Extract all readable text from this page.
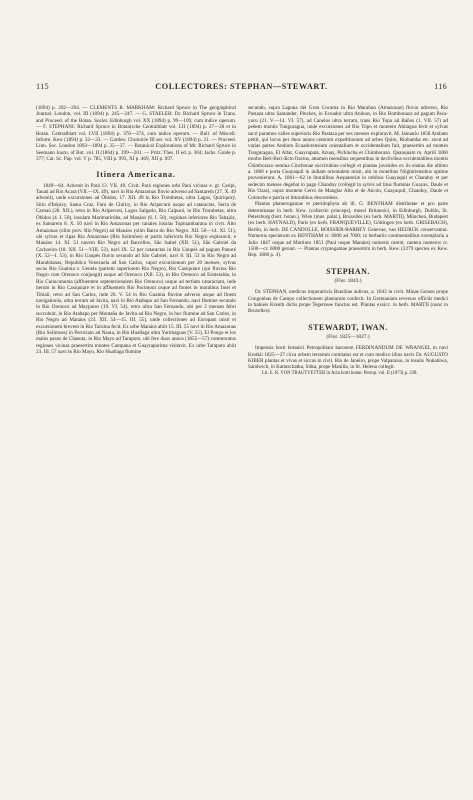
115	COLLECTORES: STEPHAN—STEWART.	116

(1894) p. 202—204. — CLEMENTS R. MARKHAM: Richard Spruce in The geographical Journal. London, vol. III (1894) p. 245—247. — G. STAELER: Dr. Richard Spruce in Trans. and Proceed. of the Botan. Societ. Edinburgh vol. XX (1894) p. 99—109, cum indice operum. — F. STEPHANI: Richard Spruce in Botanische Centralblatt vol. LII (1894) p. 27—28 et in Botan. Centralblatt vol. LVII (1894) p. 370—374, cum indice operum. — Bull. of Miscell. Inform. Kew (1894) p. 32—33. — Garden. Chronicle III ser. vol. XV (1894) p. 21. — Proceed. Linn. Soc. London 1893—1894 p. 35—37. — Botanical Explorations of Mr. Richard Spruce in Seemann Journ. of Bot. vol. II (1864) p. 199—201. — Pritz. Thes. II ed. p. 304; Jacks. Guide p. 377; Cat. Sc. Pap. vol. V p. 785, VIII p. 993, XI p. 469, XII p. 697.

Itinera Americana.

1849—64. Advenit in Pará 13. VII. 49. Civit. Pará regiones urbi Pará vicinas e. gr. Caripi, Tauaú ad Rio Acara (VII.—IX. 49), navi in Rio Amazonas fluvio adverso ad Santarem (27. X. 49 advenit), unde excursiones ad Óbidos, 17. XII. 49 in Rio Trombetas, ultra Lagos, Quiriquiry, Sitio d'Irépixy, Santa Cruz, Faro de Chiriry, in Rio Aripecurú usque ad cataractas, Serra de Carnaú (28. XII.), retro in Rio Aripecurú, Lagos Salgado, Rio Calpurú, in Rio Trombetas, ultra Óbidos (4. I. 50), insulam Marimarirúba, ad Manáos (6. I. 50), regiones inferiores Rio Tabajóz, ex Santarem 8. X. 50 navi in Rio Amazonas per canales insulas Tupinambarana in civit. Alto Amazonas (olim prov. Rio Negro) ad Manáos (olim Barra do Rio Negro. XII. 50—14. XI. 51), ubi sylvas et ripas Rio Amazonas (Rio Solimões) et partis inferioris Rio Negro exploravit, e Manáos 14. XI. 51 navem Rio Negro ad Barcellos, São Isabel (XII. 51), São Gabriel da Cachoeira (18. XII. 51—VIII. 52), navi IX. 52 per cataractas in Rio Uaupés ad pagum Panuré (X. 52—I. 53), in Rio Uaupés fluvio secundo ad São Gabriel, navi 8. III. 53 in Rio Negro ad Marabitanas, Republica Venezuela ad San Carlos, caput excursionum per 20 menses, sylvas secus Rio Guainia v. Uenela (partem superiorem Rio Negro), Rio Casiquiare (qui fluvius Rio Negro cum Orenoco conjungit) usque ad Orenoco (XII. 53), in Rio Orenoco ad Esmeralda, in Rio Cunucunuma (affluentem septentrionalem Rio Orenoco) usque ad tertiam cataractam, inde iterum in Rio Casiquiare et in affluentem Rio Pacimoni usque ad fontes in montibus Imei et Tibiali, retro ad San Carlos, inde 26. V. 54 in Rio Guainia fluvine adverso usque ad finem navigationis, ultra terram ad Javita, navi in Rio Atabapo ad San Fernando, navi flumine secundo in Rio Orenoco ad Maypures (19. VI. 54), retro ultra San Fernando, ubi per 2 menses febri succubuit, in Rio Atabapo per Montaña de Javita ad Rio Negro, in hoc flumine ad San Carlos, in Rio Negro ad Manáos (23. XII. 54—15. III. 55), unde collectiones ad Europam misit et excursionem brevem in Rio Taruma fecit. Ex urbe Manáos abiit 15. III. 55 navi in Rio Amazonas (Rio Solimoes) in Peruviam ad Nauta, in Rio Huallaga ultra Yurimaguas (V. 55), El Pongo et los malos pasos de Chasuta, in Rio Mayo ad Tarapoto, ubi fere duos annos (1855—57) commoratus regiones vicinas praesertim montes Campana et Guayrapurima visitavit. Ex urbe Tarapoto abiit 23. III. 57 navi in Rio Mayo, Rio Huallaga flumine

secundo, supra Laguna del Gran Cocama in Rio Marañon (Amazonas) fluvio adverso, Rio Pastaza ultra Santander, Pinches, in Ecuador ultra Andoas, in Rio Bombonaza ad pagum Paca-yacu (21. V.—14. VI. 57), ad Canelos ultra terram, trans Rio Topo ad Baños (1. VII. 57) ad pedem montis Tunguragua, unde excursiones ad Rio Topo et montem Abitagua fecit et sylvas sacri paramos valles superioris Rio Pastaza per sex menses exploravit. M. Januario 1858 Ambato petiit, qui locus per duos annos centrum expeditionum ad urbes Quito, Riobamba etc. sicut ad varias partes Andium Ecuadorensium orientalium et occidentalium fuit, praesertim ad montes Tunguragua, El Altar, Guayrapata, Azuay, Pichincha et Chimborazo. Quanquam m. Aprili 1860 morbo Beri-Beri dicto fractus, attamen mensibus sequentibus in declivibus occidentalibus montis Chimborazo semina Cinchonae succirubrae collegit et plantas juveniles ex iis enatas die ultimo a. 1860 e porta Guayaquil in indiam orientalem misit, ubi in montibus Nilghiriensibus optime provenierunt. A. 1861—62 in litoralibus Aequatoriæ in urbibus Guayaquil et Chanduy et per sedecim menses degebat in pago Chanduy (collegit in sylvis ad litus fluminis Guayas, Daule et Rio Ozas), supra montem Cerro de Manglar Alto et de Ancón, Guayaquil, Chanduy, Daule et Colonche e patria et littoralibus descendens.

Plantas phanerogamae et pteridophyta ab ill. G. BENTHAM distributae et pro parte determinatae in herb. Kew. (collectio princeps), musei Britannici, in Edinburgh, Dublin, St. Petersburg (hort. botan.), Wien (mus. palat.), Bruxelles (ex herb. MARTII), München, Budapest (ex herb. HAYNALD), Paris (ex herb. FRANQUEVILLE), Göttingen (ex herb. GRISEBACH), Berlin, in herb. DE CANDOLLE, BOISSIER-BARBEY Genevae, van HEURCK conservantur. Numerus specierum ex BENTHAM cr. 6000 ad 7000; in herbariis continentalibus exemplaria a Julio 1847 usque ad Martium 1851 (Pará usque Manáos) numeris carent, caetera numeros cr. 1500—cr. 6000 gerunt. — Plantas cryptogamae praesertim in herb. Kew. (2279 species ex Kew. Rep. 1866 p. 4).

STEPHAN.
(Flor. 1843.)

Dr. STEPHAN, medicus imperatricis Brasiliae aulicus, a. 1843 in civit. Minas Geraes prope Congonhas de Campo collectionem plantarum confecit. In Germaniam reversus officiis medici in balneis Kreuth dictis prope Tegernsee functus est. Plantas exsicc. in herb. MARTII (nunc in Bruxelles).

STEWARDT, IWAN.
(Flor. 1825—1827.)

Impensis horti botanici Petropolitani baronem FERDINANDUM DE WRANGEL in navi Krotkii 1825—27 circa orbem terrarum comitatus est et cum medico illius navis Dr. AUGUSTO KIBER plantas et vivas et siccas in civit. Rio de Janeiro, prope Valparaiso, in insulis Nukahiwa, Sandwich, in Kamtschatka, Sitka, prope Manilla, in St. Helena collegit.

Lit. E. R. VON TRAUTVETTER in Acta horti botan. Petrop. vol. II (1873) p. 238.
